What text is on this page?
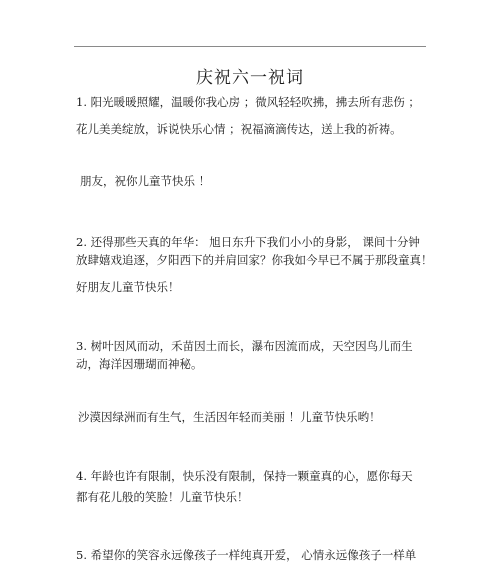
庆祝六一祝词
1. 阳光暖暖照耀，温暖你我心房 ；微风轻轻吹拂，拂去所有悲伤 ；
花儿美美绽放，诉说快乐心情 ；祝福滴滴传达，送上我的祈祷。
朋友，祝你儿童节快乐 ！
2. 还得那些天真的年华： 旭日东升下我们小小的身影， 课间十分钟
放肆嬉戏追逐，夕阳西下的并肩回家？你我如今早已不属于那段童真！
好朋友儿童节快乐！
3. 树叶因风而动，禾苗因土而长，瀑布因流而成，天空因鸟儿而生
动，海洋因珊瑚而神秘。
沙漠因绿洲而有生气，生活因年轻而美丽 ！儿童节快乐哟！
4. 年龄也许有限制，快乐没有限制，保持一颗童真的心，愿你每天
都有花儿般的笑脸！儿童节快乐！
5. 希望你的笑容永远像孩子一样纯真开爱， 心情永远像孩子一样单
